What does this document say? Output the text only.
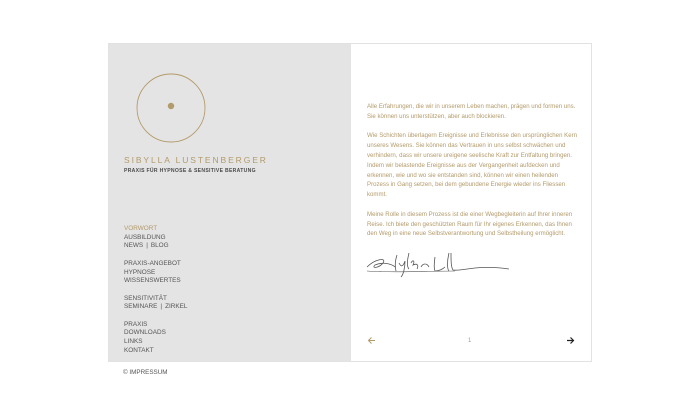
SIBYLLA LUSTENBERGER
PRAXIS FÜR HYPNOSE & SENSITIVE BERATUNG
VORWORT
AUSBILDUNG
NEWS | BLOG
PRAXIS-ANGEBOT
HYPNOSE
WISSENSWERTES
SENSITIVITÄT
SEMINARE | ZIRKEL
PRAXIS
DOWNLOADS
LINKS
KONTAKT

Alle Erfahrungen, die wir in unserem Leben machen, prägen und formen uns. Sie können uns unterstützen, aber auch blockieren.

Wie Schichten überlagern Ereignisse und Erlebnisse den ursprünglichen Kern unseres Wesens. Sie können das Vertrauen in uns selbst schwächen und verhindern, dass wir unsere ureigene seelische Kraft zur Entfaltung bringen. Indem wir belastende Ereignisse aus der Vergangenheit aufdecken und erkennen, wie und wo sie entstanden sind, können wir einen heilenden Prozess in Gang setzen, bei dem gebundene Energie wieder ins Fliessen kommt.

Meine Rolle in diesem Prozess ist die einer Wegbegleiterin auf Ihrer inneren Reise. Ich biete den geschützten Raum für Ihr eigenes Erkennen, das Ihnen den Weg in eine neue Selbstverantwortung und Selbstheilung ermöglicht.

1
© IMPRESSUM
